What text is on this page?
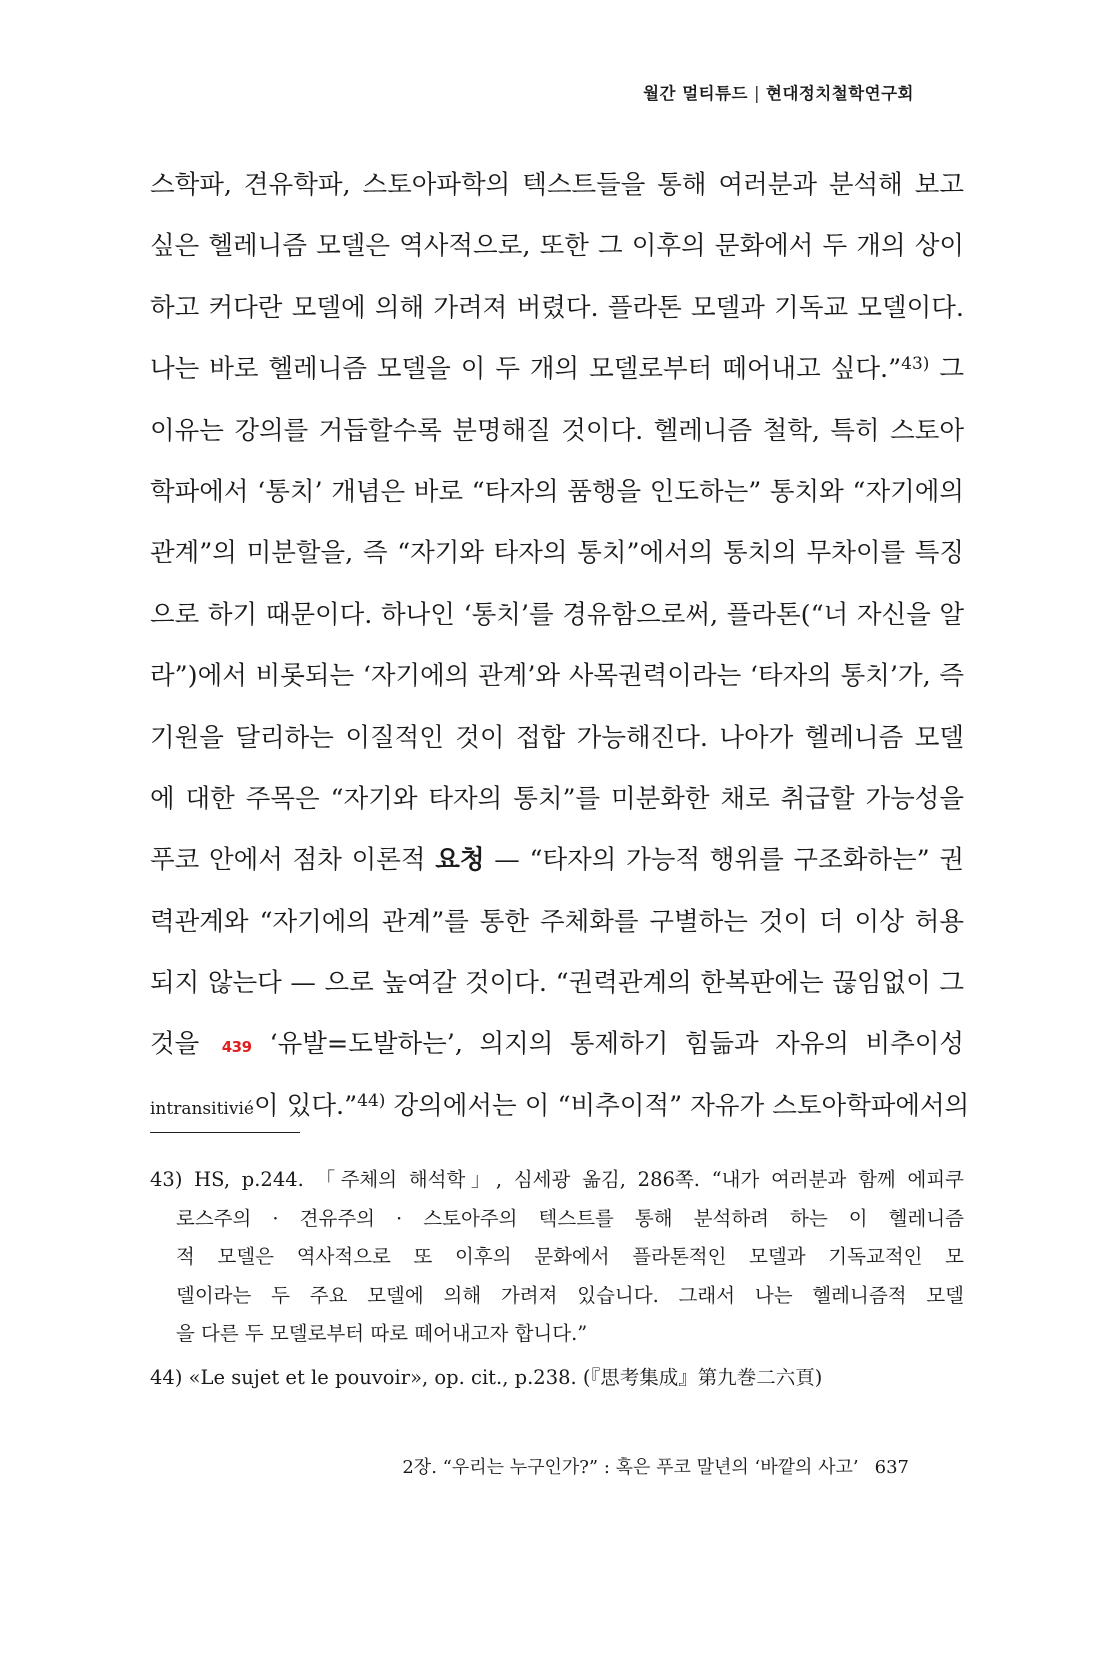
월간 멀티튜드 | 현대정치철학연구회
스학파, 견유학파, 스토아파학의 텍스트들을 통해 여러분과 분석해 보고
싶은 헬레니즘 모델은 역사적으로, 또한 그 이후의 문화에서 두 개의 상이
하고 커다란 모델에 의해 가려져 버렸다. 플라톤 모델과 기독교 모델이다.
나는 바로 헬레니즘 모델을 이 두 개의 모델로부터 떼어내고 싶다.”$^{43)}$ 그
이유는 강의를 거듭할수록 분명해질 것이다. 헬레니즘 철학, 특히 스토아
학파에서 ‘통치’ 개념은 바로 “타자의 품행을 인도하는” 통치와 “자기에의
관계”의 미분할을, 즉 “자기와 타자의 통치”에서의 통치의 무차이를 특징
으로 하기 때문이다. 하나인 ‘통치’를 경유함으로써, 플라톤(“너 자신을 알
라”)에서 비롯되는 ‘자기에의 관계’와 사목권력이라는 ‘타자의 통치’가, 즉
기원을 달리하는 이질적인 것이 접합 가능해진다. 나아가 헬레니즘 모델
에 대한 주목은 “자기와 타자의 통치”를 미분화한 채로 취급할 가능성을
푸코 안에서 점차 이론적 요청 — “타자의 가능적 행위를 구조화하는” 권
력관계와 “자기에의 관계”를 통한 주체화를 구별하는 것이 더 이상 허용
되지 않는다 — 으로 높여갈 것이다. “권력관계의 한복판에는 끊임없이 그
것을 439 ‘유발=도발하는’, 의지의 통제하기 힘듦과 자유의 비추이성
intransitivié이 있다.”$^{44)}$ 강의에서는 이 “비추이적” 자유가 스토아학파에서의
43) HS, p.244. 「주체의 해석학」, 심세광 옮김, 286쪽. “내가 여러분과 함께 에피쿠
로스주의 · 견유주의 · 스토아주의 텍스트를 통해 분석하려 하는 이 헬레니즘
적 모델은 역사적으로 또 이후의 문화에서 플라톤적인 모델과 기독교적인 모
델이라는 두 주요 모델에 의해 가려져 있습니다. 그래서 나는 헬레니즘적 모델
을 다른 두 모델로부터 따로 떼어내고자 합니다.”
44) «Le sujet et le pouvoir», op. cit., p.238. (『思考集成』第九巻二六頁)
2장. “우리는 누구인가?” : 혹은 푸코 말년의 ‘바깥의 사고’ 637
